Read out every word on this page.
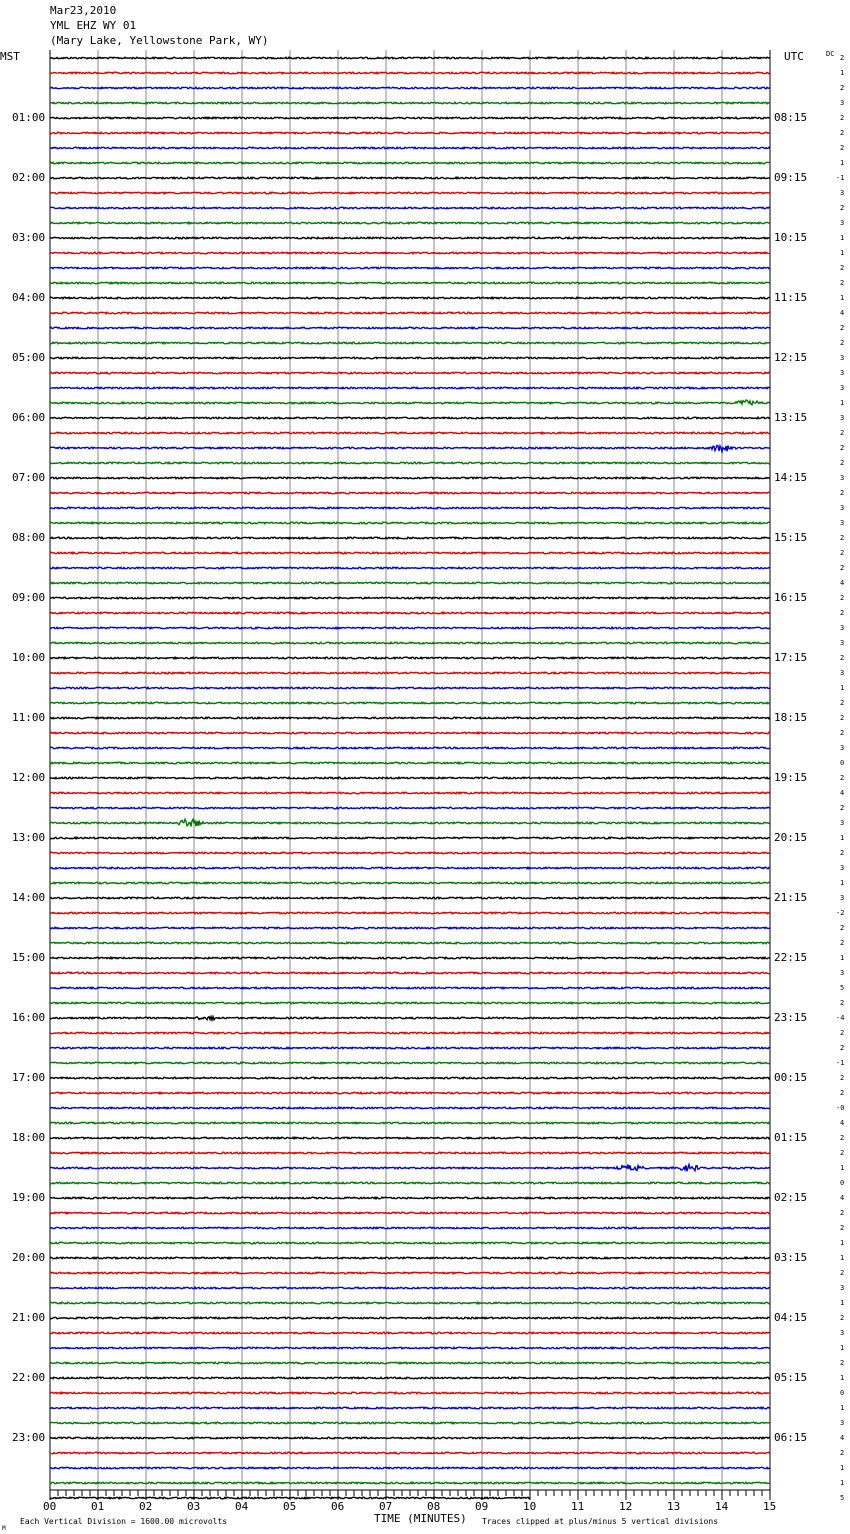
Mar23,2010
YML EHZ WY 01
(Mary Lake, Yellowstone Park, WY)
MST	UTC	DC
01:00
02:00
03:00
04:00
05:00
06:00
07:00
08:00
09:00
10:00
11:00
12:00
13:00
14:00
15:00
16:00
17:00
18:00
19:00
20:00
21:00
22:00
23:00
08:15
09:15
10:15
11:15
12:15
13:15
14:15
15:15
16:15
17:15
18:15
19:15
20:15
21:15
22:15
23:15
00:15
01:15
02:15
03:15
04:15
05:15
06:15
2
1
2
3
2
2
2
1
-1
3
2
3
1
1
2
2
1
4
2
2
3
3
3
1
3
2
2
2
3
2
3
3
2
2
2
4
2
2
3
3
2
3
1
2
2
2
3
0
2
4
2
3
1
2
3
1
3
-2
2
2
1
3
5
2
-4
2
2
-1
2
2
-0
4
2
2
1
0
4
2
2
1
1
2
3
1
2
3
1
2
1
0
1
3
4
2
1
1
5
00	01	02	03	04	05	06	07	08	09	10	11	12	13	14	15
Each Vertical Division = 1600.00 microvolts	TIME (MINUTES) Traces clipped at plus/minus 5 vertical divisions
M
